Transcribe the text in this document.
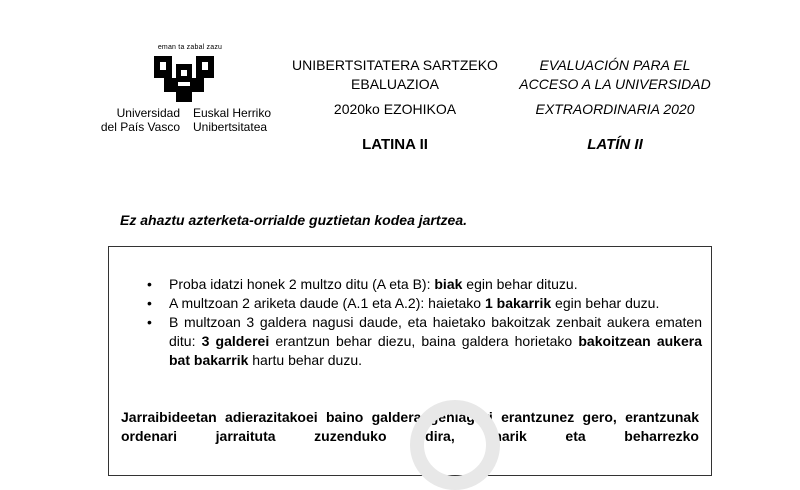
eman ta zabal zazu
Universidad
del País Vasco
Euskal Herriko
Unibertsitatea
UNIBERTSITATERA SARTZEKO
EBALUAZIOA
2020ko EZOHIKOA
LATINA II
EVALUACIÓN PARA EL
ACCESO A LA UNIVERSIDAD
EXTRAORDINARIA 2020
LATÍN II
Ez ahaztu azterketa-orrialde guztietan kodea jartzea.
• Proba idatzi honek 2 multzo ditu (A eta B): biak egin behar dituzu.
• A multzoan 2 ariketa daude (A.1 eta A.2): haietako 1 bakarrik egin behar duzu.
• B multzoan 3 galdera nagusi daude, eta haietako bakoitzak zenbait aukera ematen ditu: 3 galderei erantzun behar diezu, baina galdera horietako bakoitzean aukera bat bakarrik hartu behar duzu.
Jarraibideetan adierazitakoei baino galdera gehiagori erantzunez gero, erantzunak ordenari jarraituta zuzenduko dira, harik eta beharrezko
